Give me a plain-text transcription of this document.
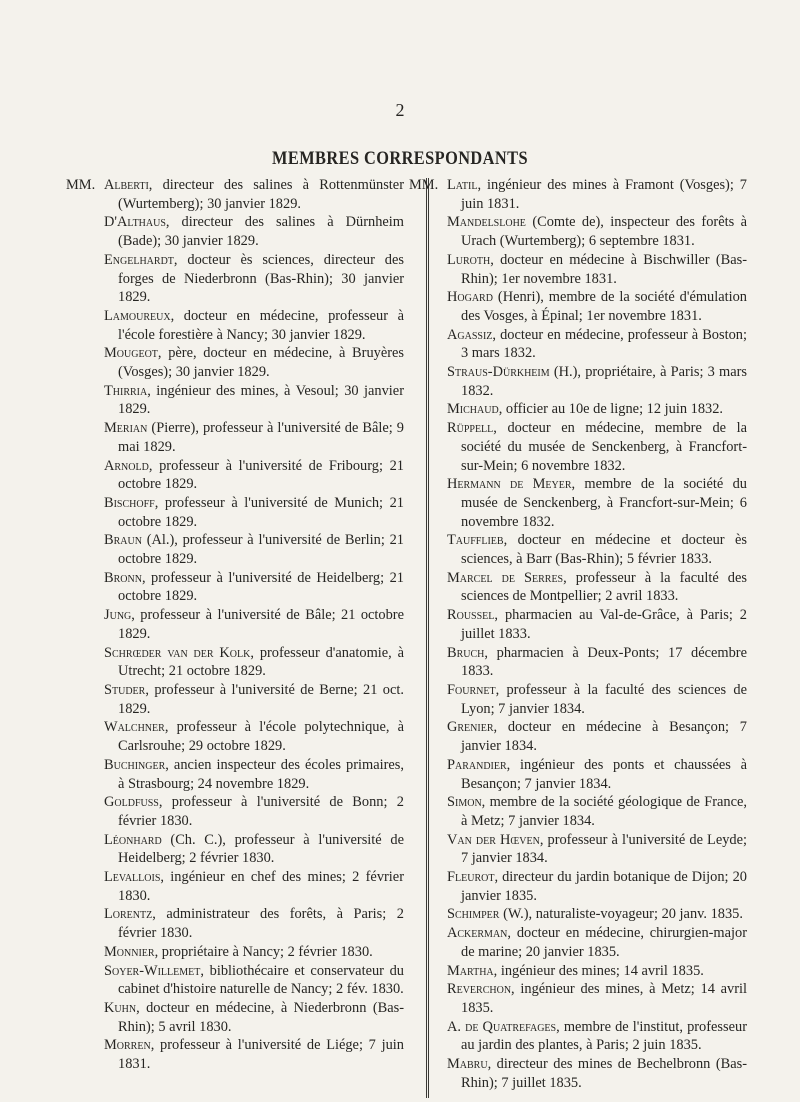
2
MEMBRES CORRESPONDANTS
MM. Alberti, directeur des salines à Rottenmünster (Wurtemberg); 30 janvier 1829.

D'Althaus, directeur des salines à Dürnheim (Bade); 30 janvier 1829.

Engelhardt, docteur ès sciences, directeur des forges de Niederbronn (Bas-Rhin); 30 janvier 1829.

Lamoureux, docteur en médecine, professeur à l'école forestière à Nancy; 30 janvier 1829.

Mougeot, père, docteur en médecine, à Bruyères (Vosges); 30 janvier 1829.

Thirria, ingénieur des mines, à Vesoul; 30 janvier 1829.

Merian (Pierre), professeur à l'université de Bâle; 9 mai 1829.

Arnold, professeur à l'université de Fribourg; 21 octobre 1829.

Bischoff, professeur à l'université de Munich; 21 octobre 1829.

Braun (Al.), professeur à l'université de Berlin; 21 octobre 1829.

Bronn, professeur à l'université de Heidelberg; 21 octobre 1829.

Jung, professeur à l'université de Bâle; 21 octobre 1829.

Schrœder van der Kolk, professeur d'anatomie, à Utrecht; 21 octobre 1829.

Studer, professeur à l'université de Berne; 21 oct. 1829.

Walchner, professeur à l'école polytechnique, à Carlsrouhe; 29 octobre 1829.

Buchinger, ancien inspecteur des écoles primaires, à Strasbourg; 24 novembre 1829.

Goldfuss, professeur à l'université de Bonn; 2 février 1830.

Léonhard (Ch. C.), professeur à l'université de Heidelberg; 2 février 1830.

Levallois, ingénieur en chef des mines; 2 février 1830.

Lorentz, administrateur des forêts, à Paris; 2 février 1830.

Monnier, propriétaire à Nancy; 2 février 1830.

Soyer-Willemet, bibliothécaire et conservateur du cabinet d'histoire naturelle de Nancy; 2 fév. 1830.

Kuhn, docteur en médecine, à Niederbronn (Bas-Rhin); 5 avril 1830.

Morren, professeur à l'université de Liége; 7 juin 1831.

MM. Latil, ingénieur des mines à Framont (Vosges); 7 juin 1831.

Mandelslohe (Comte de), inspecteur des forêts à Urach (Wurtemberg); 6 septembre 1831.

Luroth, docteur en médecine à Bischwiller (Bas-Rhin); 1er novembre 1831.

Hogard (Henri), membre de la société d'émulation des Vosges, à Épinal; 1er novembre 1831.

Agassiz, docteur en médecine, professeur à Boston; 3 mars 1832.

Straus-Dürkheim (H.), propriétaire, à Paris; 3 mars 1832.

Michaud, officier au 10e de ligne; 12 juin 1832.

Rüppell, docteur en médecine, membre de la société du musée de Senckenberg, à Francfort-sur-Mein; 6 novembre 1832.

Hermann de Meyer, membre de la société du musée de Senckenberg, à Francfort-sur-Mein; 6 novembre 1832.

Taufflieb, docteur en médecine et docteur ès sciences, à Barr (Bas-Rhin); 5 février 1833.

Marcel de Serres, professeur à la faculté des sciences de Montpellier; 2 avril 1833.

Roussel, pharmacien au Val-de-Grâce, à Paris; 2 juillet 1833.

Bruch, pharmacien à Deux-Ponts; 17 décembre 1833.

Fournet, professeur à la faculté des sciences de Lyon; 7 janvier 1834.

Grenier, docteur en médecine à Besançon; 7 janvier 1834.

Parandier, ingénieur des ponts et chaussées à Besançon; 7 janvier 1834.

Simon, membre de la société géologique de France, à Metz; 7 janvier 1834.

Van der Hœven, professeur à l'université de Leyde; 7 janvier 1834.

Fleurot, directeur du jardin botanique de Dijon; 20 janvier 1835.

Schimper (W.), naturaliste-voyageur; 20 janv. 1835.

Ackerman, docteur en médecine, chirurgien-major de marine; 20 janvier 1835.

Martha, ingénieur des mines; 14 avril 1835.

Reverchon, ingénieur des mines, à Metz; 14 avril 1835.

A. de Quatrefages, membre de l'institut, professeur au jardin des plantes, à Paris; 2 juin 1835.

Mabru, directeur des mines de Bechelbronn (Bas-Rhin); 7 juillet 1835.
